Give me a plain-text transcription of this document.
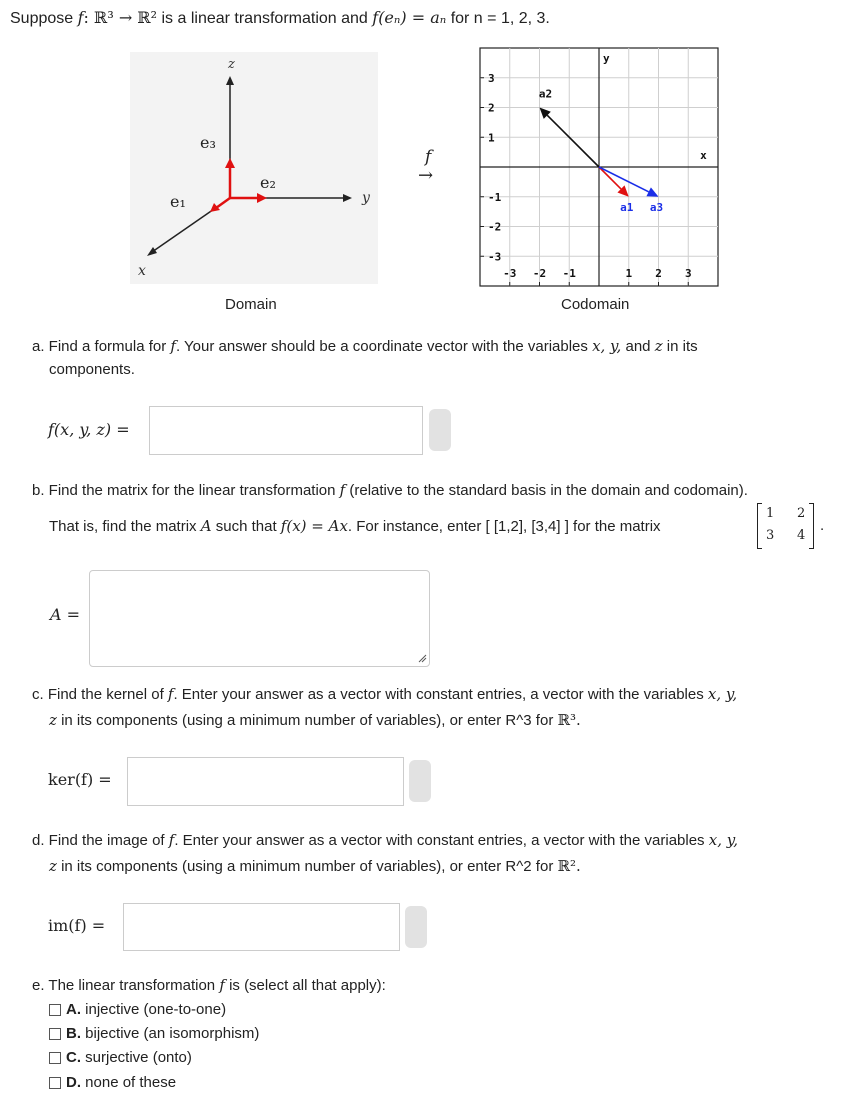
Suppose f: ℝ³ → ℝ² is a linear transformation and f(eₙ) = aₙ for n = 1, 2, 3.
z
y
x
e₃
e₂
e₁
f
→
Domain
-3 -2 -1	1 2 3
3
2
1
-1
-2
-3
x
y
a1
a2
a3
Codomain
a. Find a formula for f. Your answer should be a coordinate vector with the variables x, y, and z in its
components.
f(x, y, z) =
b. Find the matrix for the linear transformation f (relative to the standard basis in the domain and codomain).
That is, find the matrix A such that f(x) = Ax. For instance, enter [ [1,2], [3,4] ] for the matrix
1 2
3 4
.
A =
c. Find the kernel of f. Enter your answer as a vector with constant entries, a vector with the variables x, y,
z in its components (using a minimum number of variables), or enter R^3 for ℝ³.
ker(f) =
d. Find the image of f. Enter your answer as a vector with constant entries, a vector with the variables x, y,
z in its components (using a minimum number of variables), or enter R^2 for ℝ².
im(f) =
e. The linear transformation f is (select all that apply):
A. injective (one-to-one)
B. bijective (an isomorphism)
C. surjective (onto)
D. none of these
